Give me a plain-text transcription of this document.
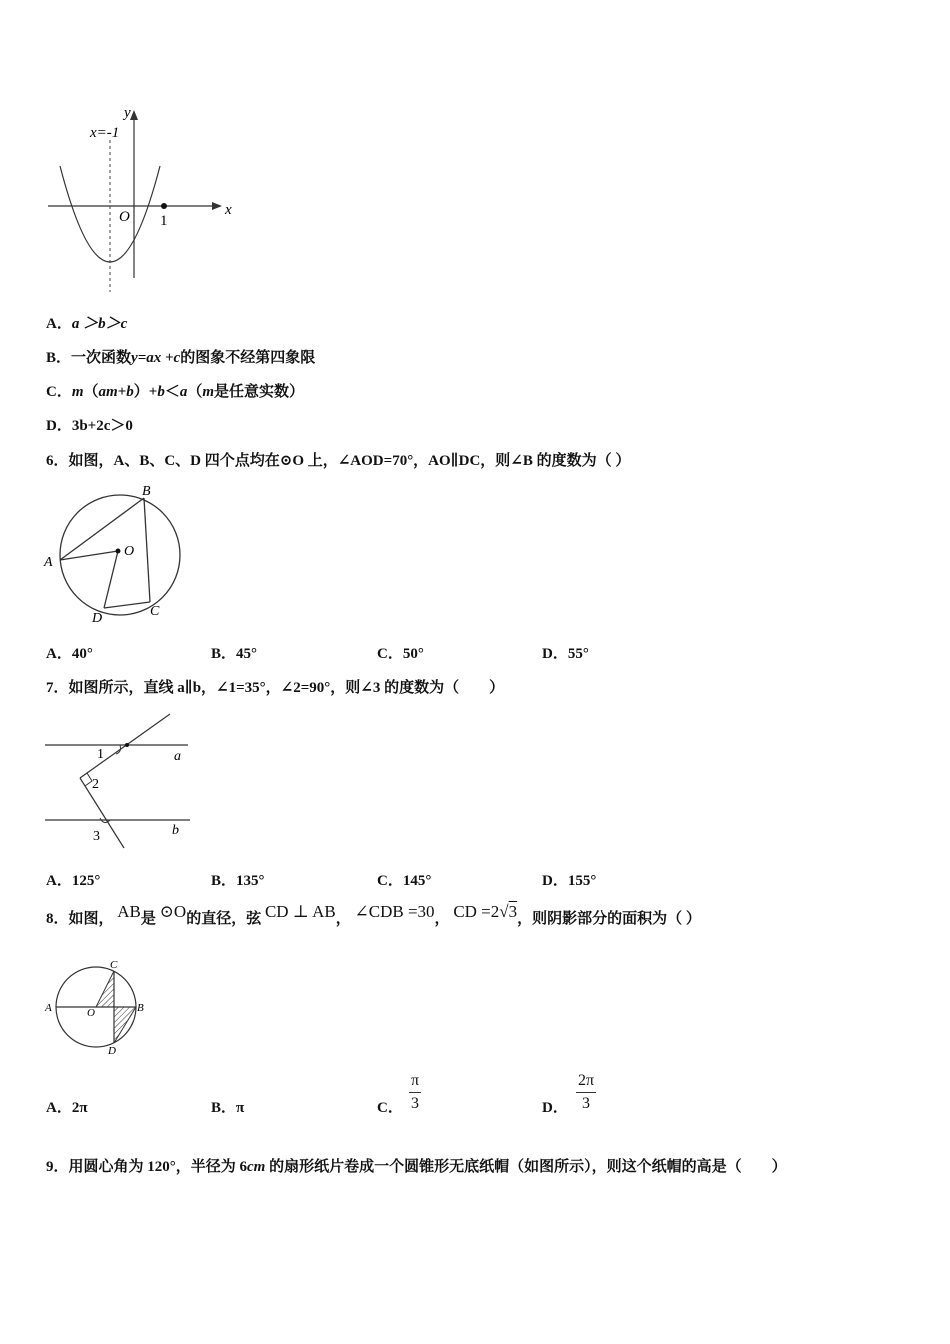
x=-1
y
x
O 1
A．a ＞b＞c
B．一次函数y=ax +c的图象不经第四象限
C．m（am+b）+b＜a（m是任意实数）
D．3b+2c＞0
6．如图，A、B、C、D 四个点均在⊙O 上，∠AOD=70°，AO∥DC，则∠B 的度数为（ ）
A
B
C
D
O
A．40°	B．45°	C．50°	D．55°
7．如图所示，直线 a∥b，∠1=35°，∠2=90°，则∠3 的度数为（　　）
1
2
3
a
b
A．125°	B．135°	C．145°	D．155°
8．如图， AB是 ⊙O的直径，弦 CD ⊥ AB， ∠CDB =30， CD =2√3，则阴影部分的面积为（ ）
A	B
C
D
O
A．2π	B．π	C． $\frac{\pi}{3}$	D． $\frac{2\pi}{3}$
9．用圆心角为 120°，半径为 6cm 的扇形纸片卷成一个圆锥形无底纸帽（如图所示），则这个纸帽的高是（　　）
